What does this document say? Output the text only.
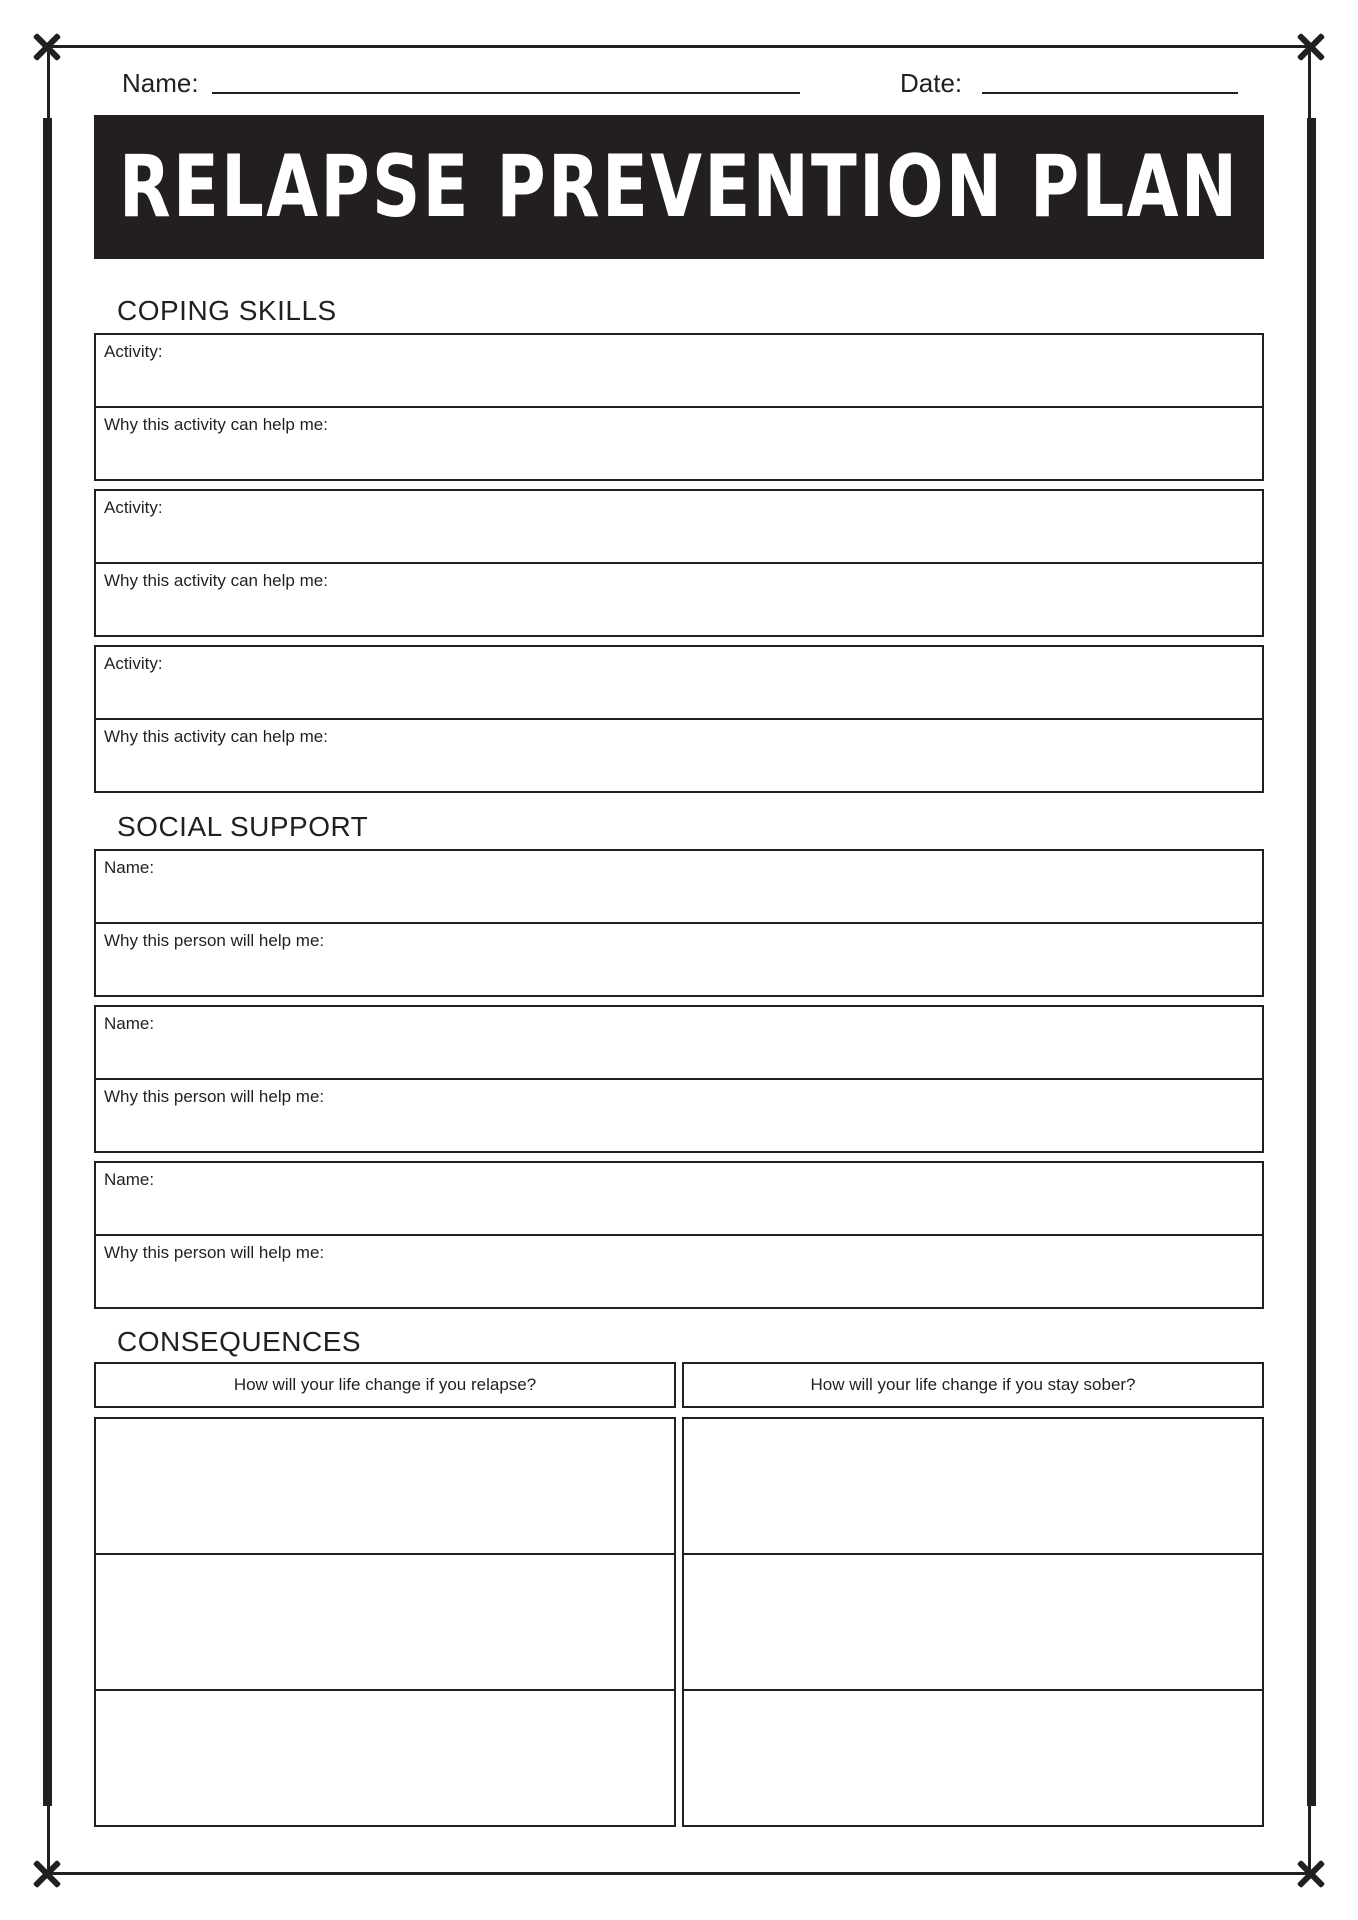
Name:	Date:
RELAPSE PREVENTION PLAN
COPING SKILLS
Activity:
Why this activity can help me:
Activity:
Why this activity can help me:
Activity:
Why this activity can help me:
SOCIAL SUPPORT
Name:
Why this person will help me:
Name:
Why this person will help me:
Name:
Why this person will help me:
CONSEQUENCES
How will your life change if you relapse?	How will your life change if you stay sober?
